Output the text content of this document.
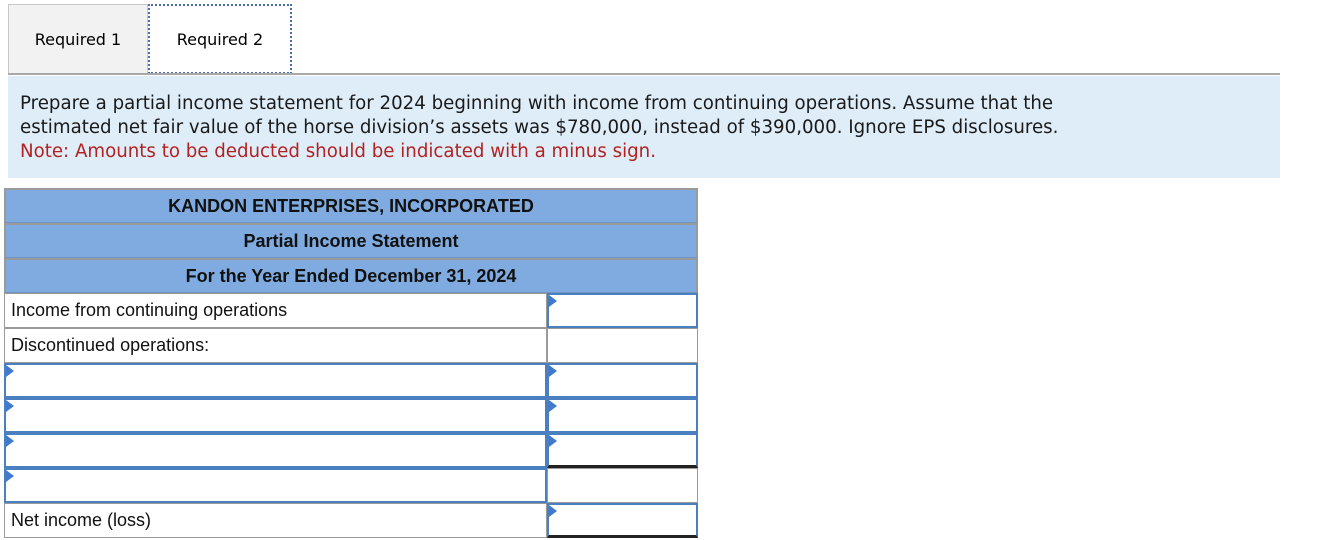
Required 1	Required 2
Prepare a partial income statement for 2024 beginning with income from continuing operations. Assume that the
estimated net fair value of the horse division’s assets was $780,000, instead of $390,000. Ignore EPS disclosures.
Note: Amounts to be deducted should be indicated with a minus sign.
KANDON ENTERPRISES, INCORPORATED
Partial Income Statement
For the Year Ended December 31, 2024
Income from continuing operations
Discontinued operations:
Net income (loss)
